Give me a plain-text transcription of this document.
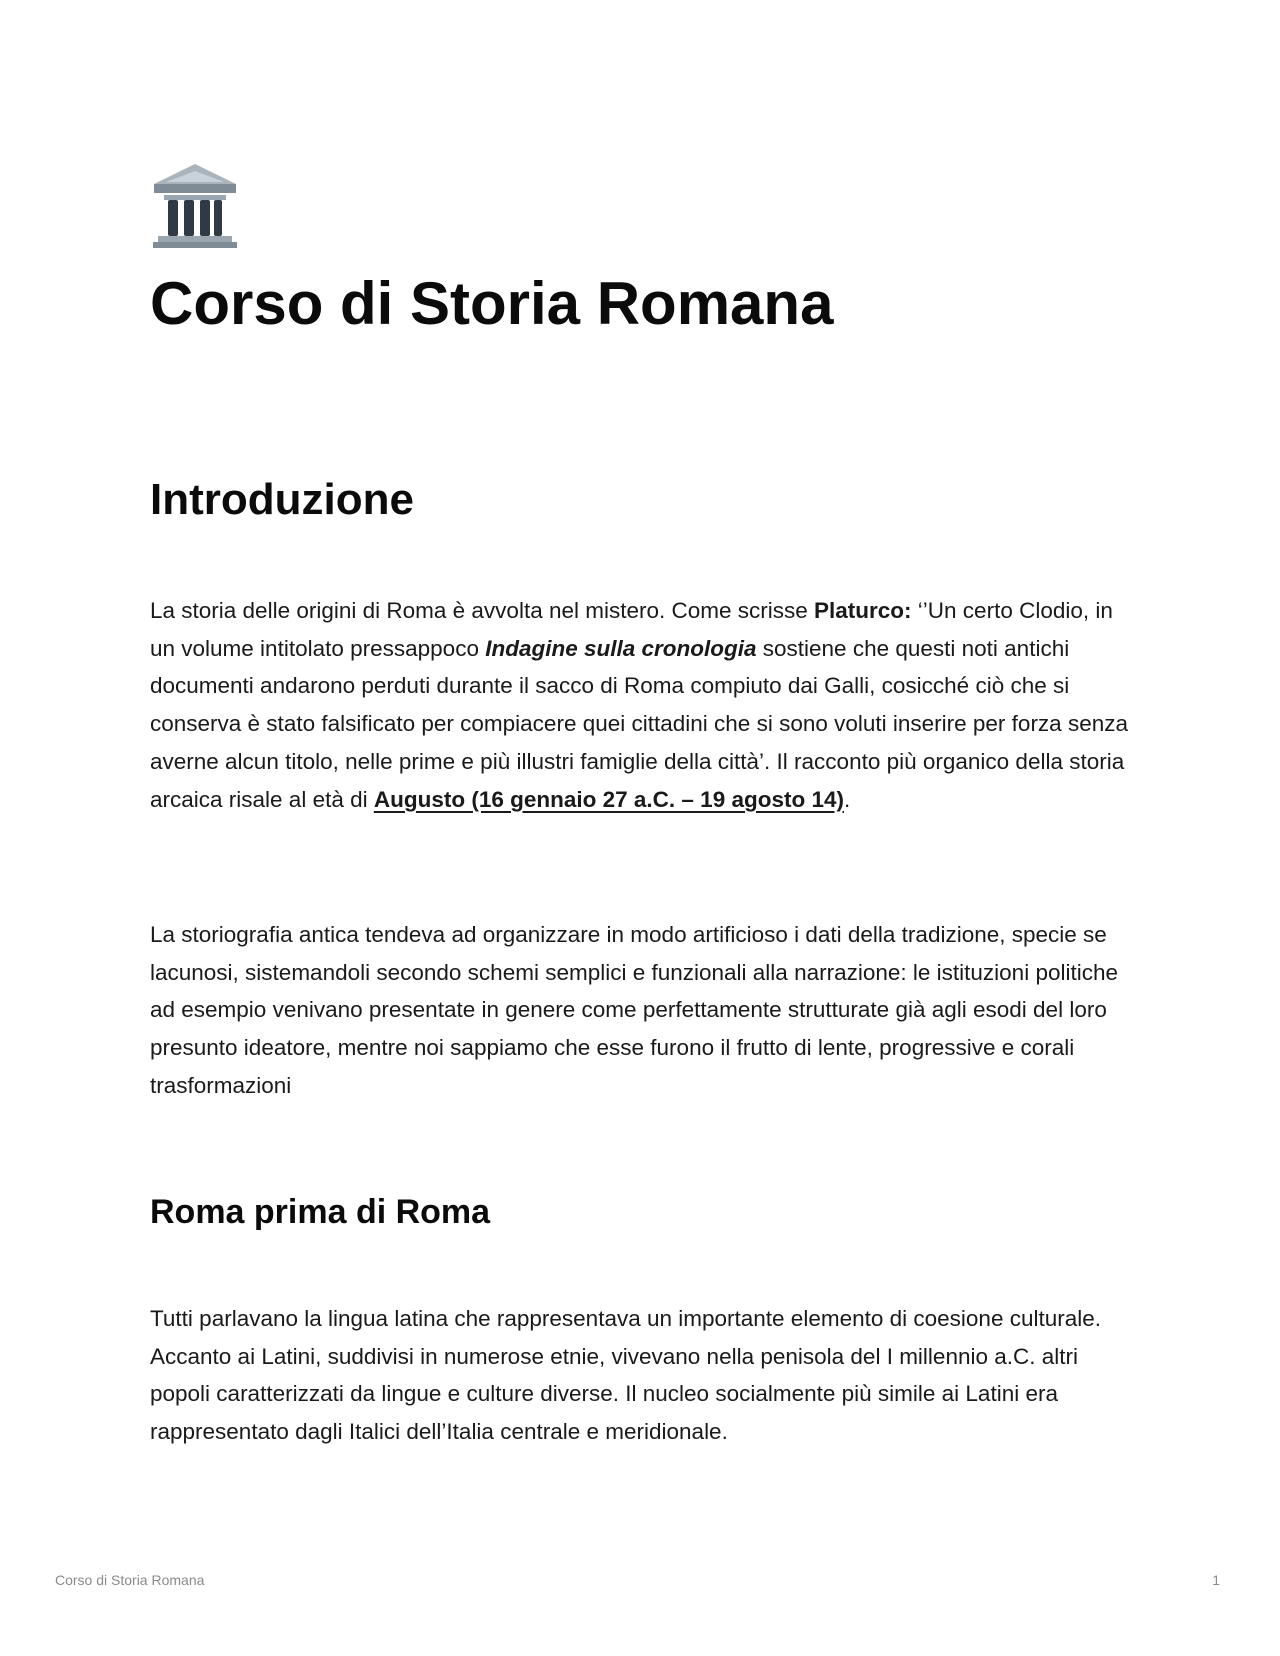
Corso di Storia Romana
Introduzione

La storia delle origini di Roma è avvolta nel mistero. Come scrisse Platurco: ‘’Un certo Clodio, in un volume intitolato pressappoco Indagine sulla cronologia sostiene che questi noti antichi documenti andarono perduti durante il sacco di Roma compiuto dai Galli, cosicché ciò che si conserva è stato falsificato per compiacere quei cittadini che si sono voluti inserire per forza senza averne alcun titolo, nelle prime e più illustri famiglie della città’. Il racconto più organico della storia arcaica risale al età di Augusto (16 gennaio 27 a.C. – 19 agosto 14).

La storiografia antica tendeva ad organizzare in modo artificioso i dati della tradizione, specie se lacunosi, sistemandoli secondo schemi semplici e funzionali alla narrazione: le istituzioni politiche ad esempio venivano presentate in genere come perfettamente strutturate già agli esodi del loro presunto ideatore, mentre noi sappiamo che esse furono il frutto di lente, progressive e corali trasformazioni

Roma prima di Roma

Tutti parlavano la lingua latina che rappresentava un importante elemento di coesione culturale. Accanto ai Latini, suddivisi in numerose etnie, vivevano nella penisola del I millennio a.C. altri popoli caratterizzati da lingue e culture diverse. Il nucleo socialmente più simile ai Latini era rappresentato dagli Italici dell’Italia centrale e meridionale.

Corso di Storia Romana	1
